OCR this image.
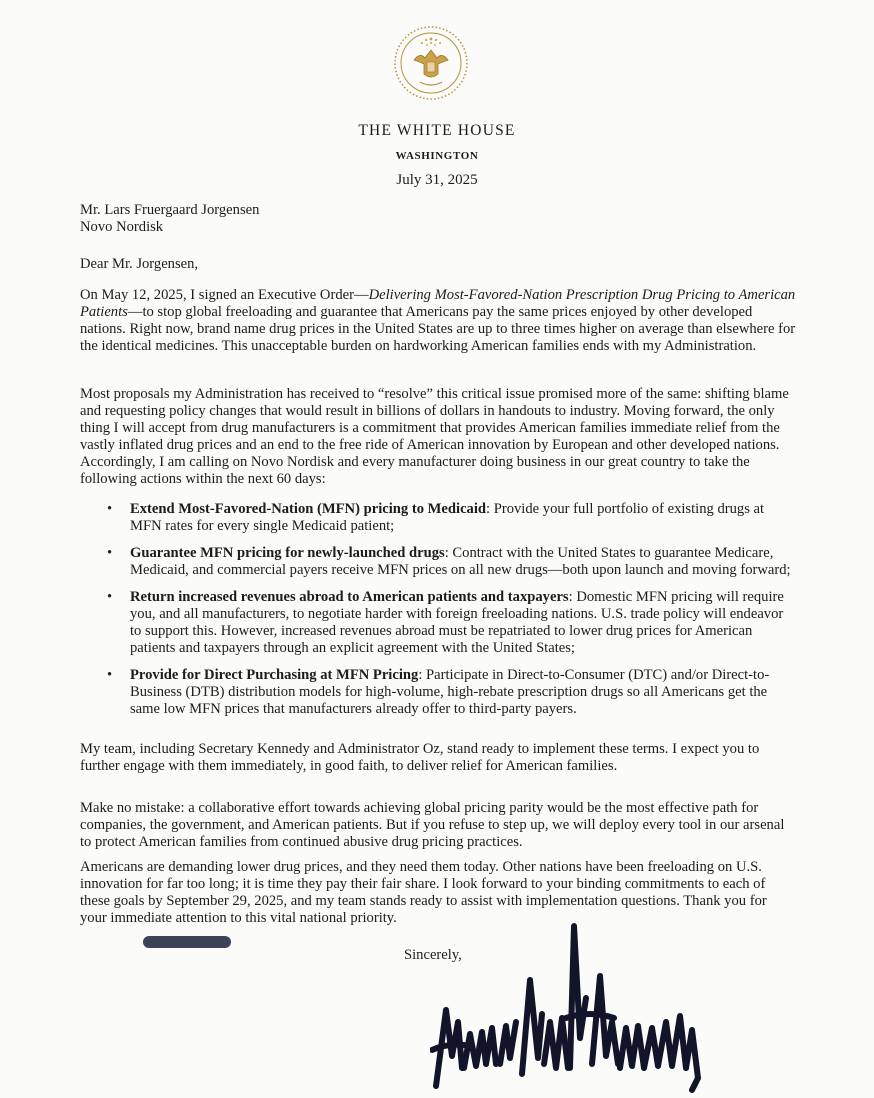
THE WHITE HOUSE
WASHINGTON
July 31, 2025
Mr. Lars Fruergaard Jorgensen
Novo Nordisk
Dear Mr. Jorgensen,

On May 12, 2025, I signed an Executive Order—Delivering Most-Favored-Nation Prescription Drug Pricing to American Patients—to stop global freeloading and guarantee that Americans pay the same prices enjoyed by other developed nations. Right now, brand name drug prices in the United States are up to three times higher on average than elsewhere for the identical medicines. This unacceptable burden on hardworking American families ends with my Administration.

Most proposals my Administration has received to “resolve” this critical issue promised more of the same: shifting blame and requesting policy changes that would result in billions of dollars in handouts to industry. Moving forward, the only thing I will accept from drug manufacturers is a commitment that provides American families immediate relief from the vastly inflated drug prices and an end to the free ride of American innovation by European and other developed nations. Accordingly, I am calling on Novo Nordisk and every manufacturer doing business in our great country to take the following actions within the next 60 days:

• Extend Most-Favored-Nation (MFN) pricing to Medicaid: Provide your full portfolio of existing drugs at MFN rates for every single Medicaid patient;
• Guarantee MFN pricing for newly-launched drugs: Contract with the United States to guarantee Medicare, Medicaid, and commercial payers receive MFN prices on all new drugs—both upon launch and moving forward;
• Return increased revenues abroad to American patients and taxpayers: Domestic MFN pricing will require you, and all manufacturers, to negotiate harder with foreign freeloading nations. U.S. trade policy will endeavor to support this. However, increased revenues abroad must be repatriated to lower drug prices for American patients and taxpayers through an explicit agreement with the United States;
• Provide for Direct Purchasing at MFN Pricing: Participate in Direct-to-Consumer (DTC) and/or Direct-to-Business (DTB) distribution models for high-volume, high-rebate prescription drugs so all Americans get the same low MFN prices that manufacturers already offer to third-party payers.

My team, including Secretary Kennedy and Administrator Oz, stand ready to implement these terms. I expect you to further engage with them immediately, in good faith, to deliver relief for American families.

Make no mistake: a collaborative effort towards achieving global pricing parity would be the most effective path for companies, the government, and American patients. But if you refuse to step up, we will deploy every tool in our arsenal to protect American families from continued abusive drug pricing practices.

Americans are demanding lower drug prices, and they need them today. Other nations have been freeloading on U.S. innovation for far too long; it is time they pay their fair share. I look forward to your binding commitments to each of these goals by September 29, 2025, and my team stands ready to assist with implementation questions. Thank you for your immediate attention to this vital national priority.

Sincerely,
